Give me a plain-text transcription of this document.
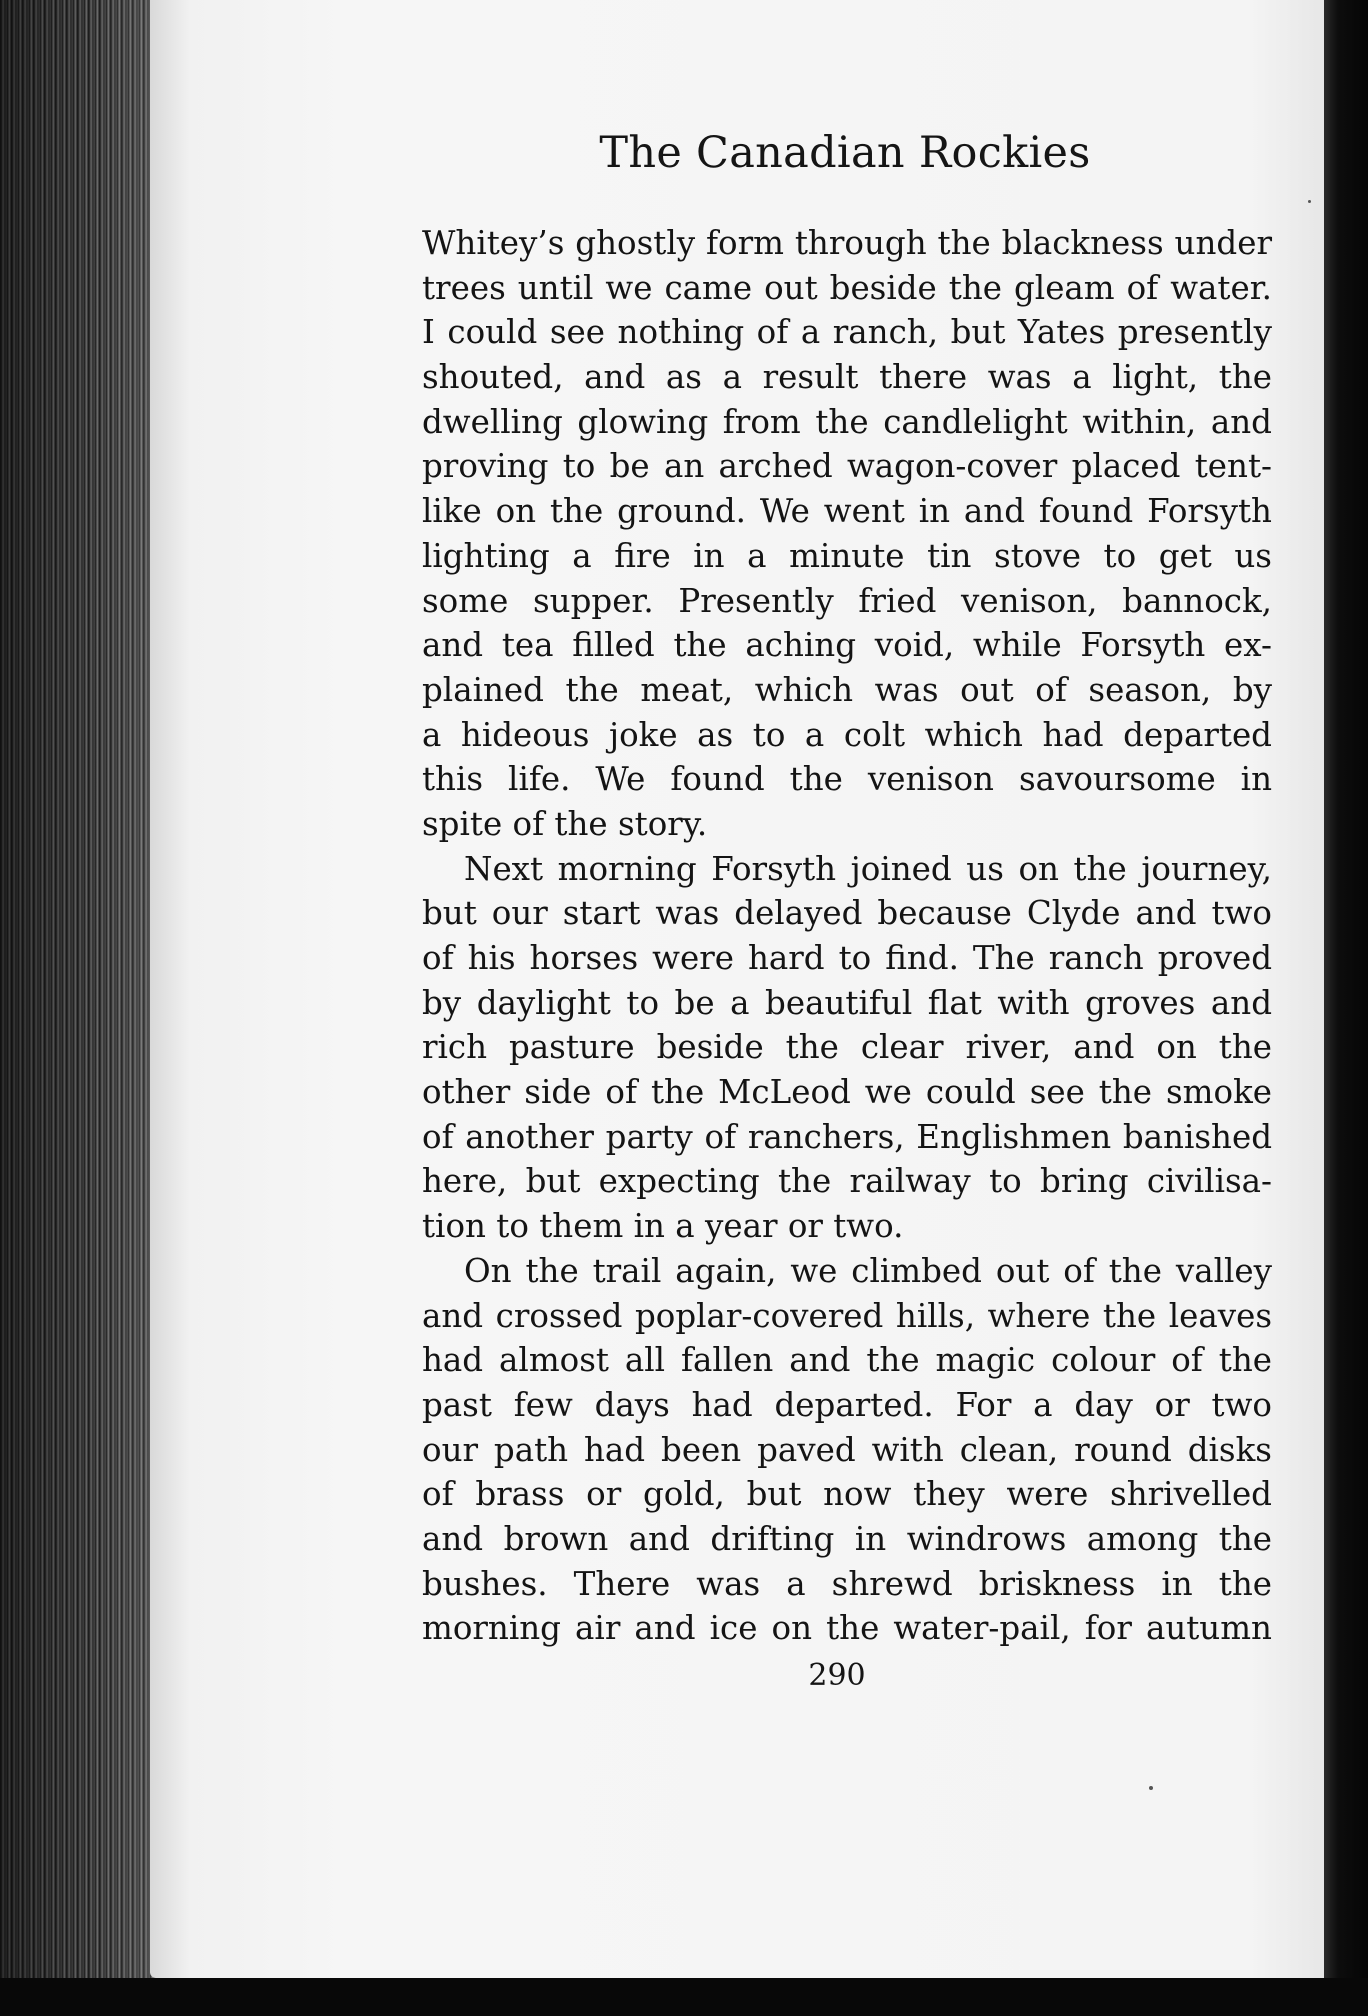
The Canadian Rockies
Whitey’s ghostly form through the blackness under
trees until we came out beside the gleam of water.
I could see nothing of a ranch, but Yates presently
shouted, and as a result there was a light, the
dwelling glowing from the candlelight within, and
proving to be an arched wagon-cover placed tent-
like on the ground. We went in and found Forsyth
lighting a fire in a minute tin stove to get us
some supper. Presently fried venison, bannock,
and tea filled the aching void, while Forsyth ex-
plained the meat, which was out of season, by
a hideous joke as to a colt which had departed
this life. We found the venison savoursome in
spite of the story.
Next morning Forsyth joined us on the journey,
but our start was delayed because Clyde and two
of his horses were hard to find. The ranch proved
by daylight to be a beautiful flat with groves and
rich pasture beside the clear river, and on the
other side of the McLeod we could see the smoke
of another party of ranchers, Englishmen banished
here, but expecting the railway to bring civilisa-
tion to them in a year or two.
On the trail again, we climbed out of the valley
and crossed poplar-covered hills, where the leaves
had almost all fallen and the magic colour of the
past few days had departed. For a day or two
our path had been paved with clean, round disks
of brass or gold, but now they were shrivelled
and brown and drifting in windrows among the
bushes. There was a shrewd briskness in the
morning air and ice on the water-pail, for autumn
290
